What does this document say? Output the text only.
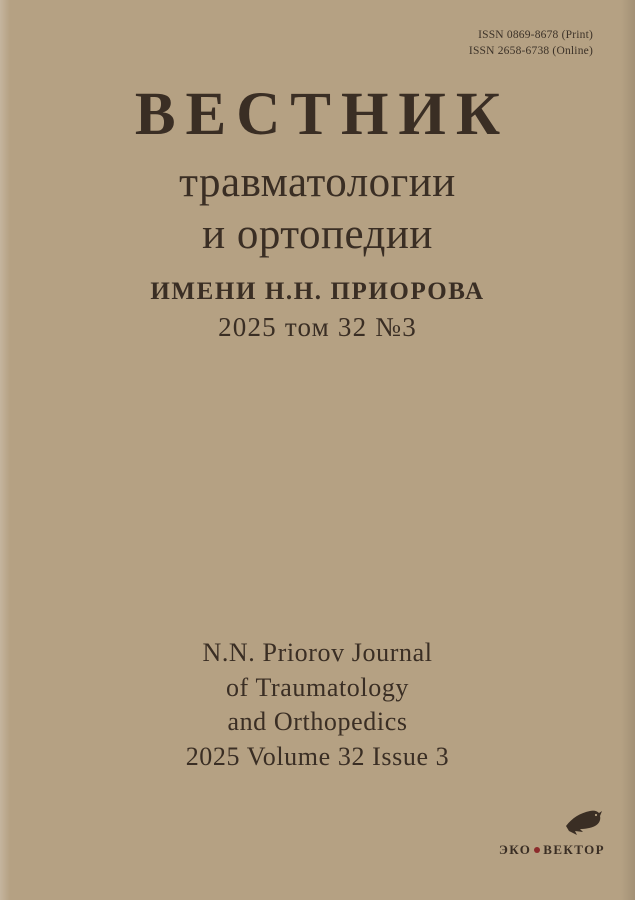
ISSN 0869-8678 (Print)
ISSN 2658-6738 (Online)
ВЕСТНИК
травматологии
и ортопедии
ИМЕНИ Н.Н. ПРИОРОВА
2025 том 32 №3
N.N. Priorov Journal
of Traumatology
and Orthopedics
2025 Volume 32 Issue 3
ЭКО ВЕКТОР
